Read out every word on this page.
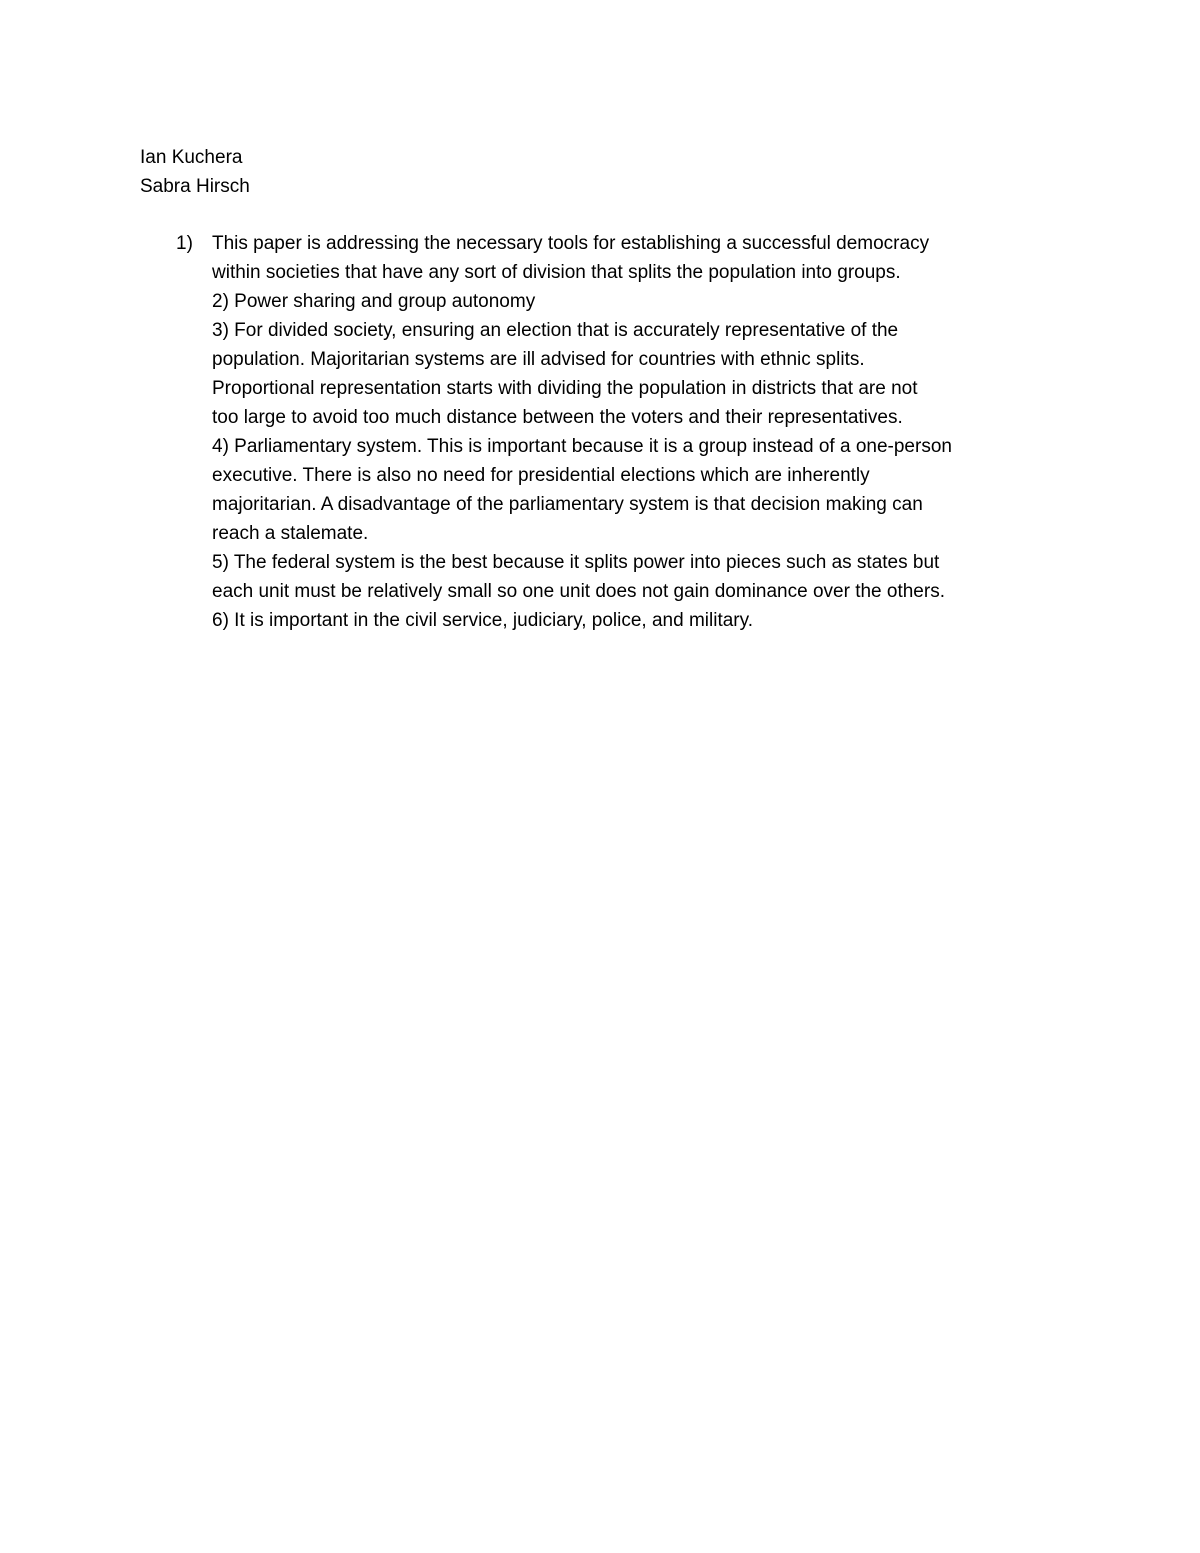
Ian Kuchera
Sabra Hirsch
1) This paper is addressing the necessary tools for establishing a successful democracy
within societies that have any sort of division that splits the population into groups.
2) Power sharing and group autonomy
3) For divided society, ensuring an election that is accurately representative of the
population. Majoritarian systems are ill advised for countries with ethnic splits.
Proportional representation starts with dividing the population in districts that are not
too large to avoid too much distance between the voters and their representatives.
4) Parliamentary system. This is important because it is a group instead of a one-person
executive. There is also no need for presidential elections which are inherently
majoritarian. A disadvantage of the parliamentary system is that decision making can
reach a stalemate.
5) The federal system is the best because it splits power into pieces such as states but
each unit must be relatively small so one unit does not gain dominance over the others.
6) It is important in the civil service, judiciary, police, and military.
